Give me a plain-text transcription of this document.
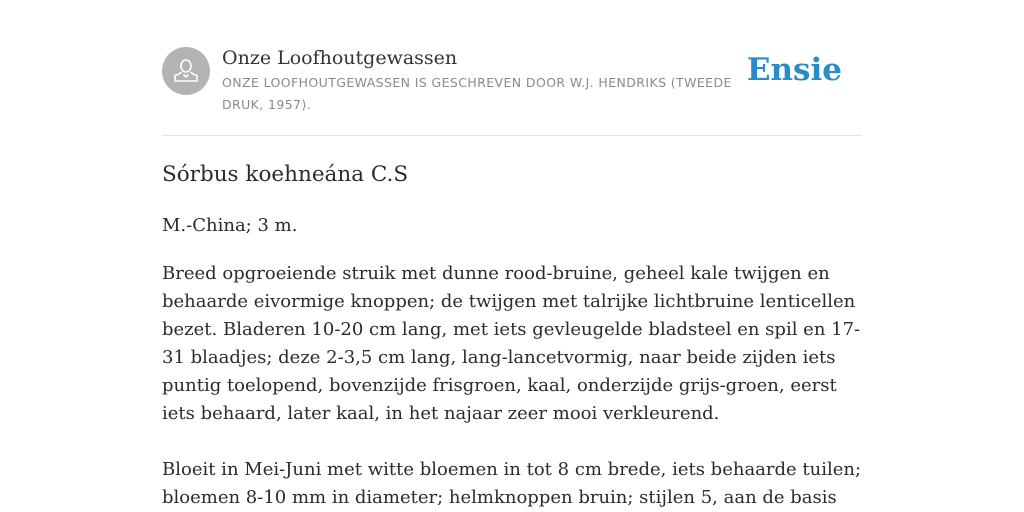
Onze Loofhoutgewassen
ONZE LOOFHOUTGEWASSEN IS GESCHREVEN DOOR W.J. HENDRIKS (TWEEDE DRUK, 1957).
Ensie
Sórbus koehneána C.S

M.-China; 3 m.

Breed opgroeiende struik met dunne rood-bruine, geheel kale twijgen en behaarde eivormige knoppen; de twijgen met talrijke lichtbruine lenticellen bezet. Bladeren 10-20 cm lang, met iets gevleugelde bladsteel en spil en 17-31 blaadjes; deze 2-3,5 cm lang, lang-lancetvormig, naar beide zijden iets puntig toelopend, bovenzijde frisgroen, kaal, onderzijde grijs-groen, eerst iets behaard, later kaal, in het najaar zeer mooi verkleurend.

Bloeit in Mei-Juni met witte bloemen in tot 8 cm brede, iets behaarde tuilen; bloemen 8-10 mm in diameter; helmknoppen bruin; stijlen 5, aan de basis
